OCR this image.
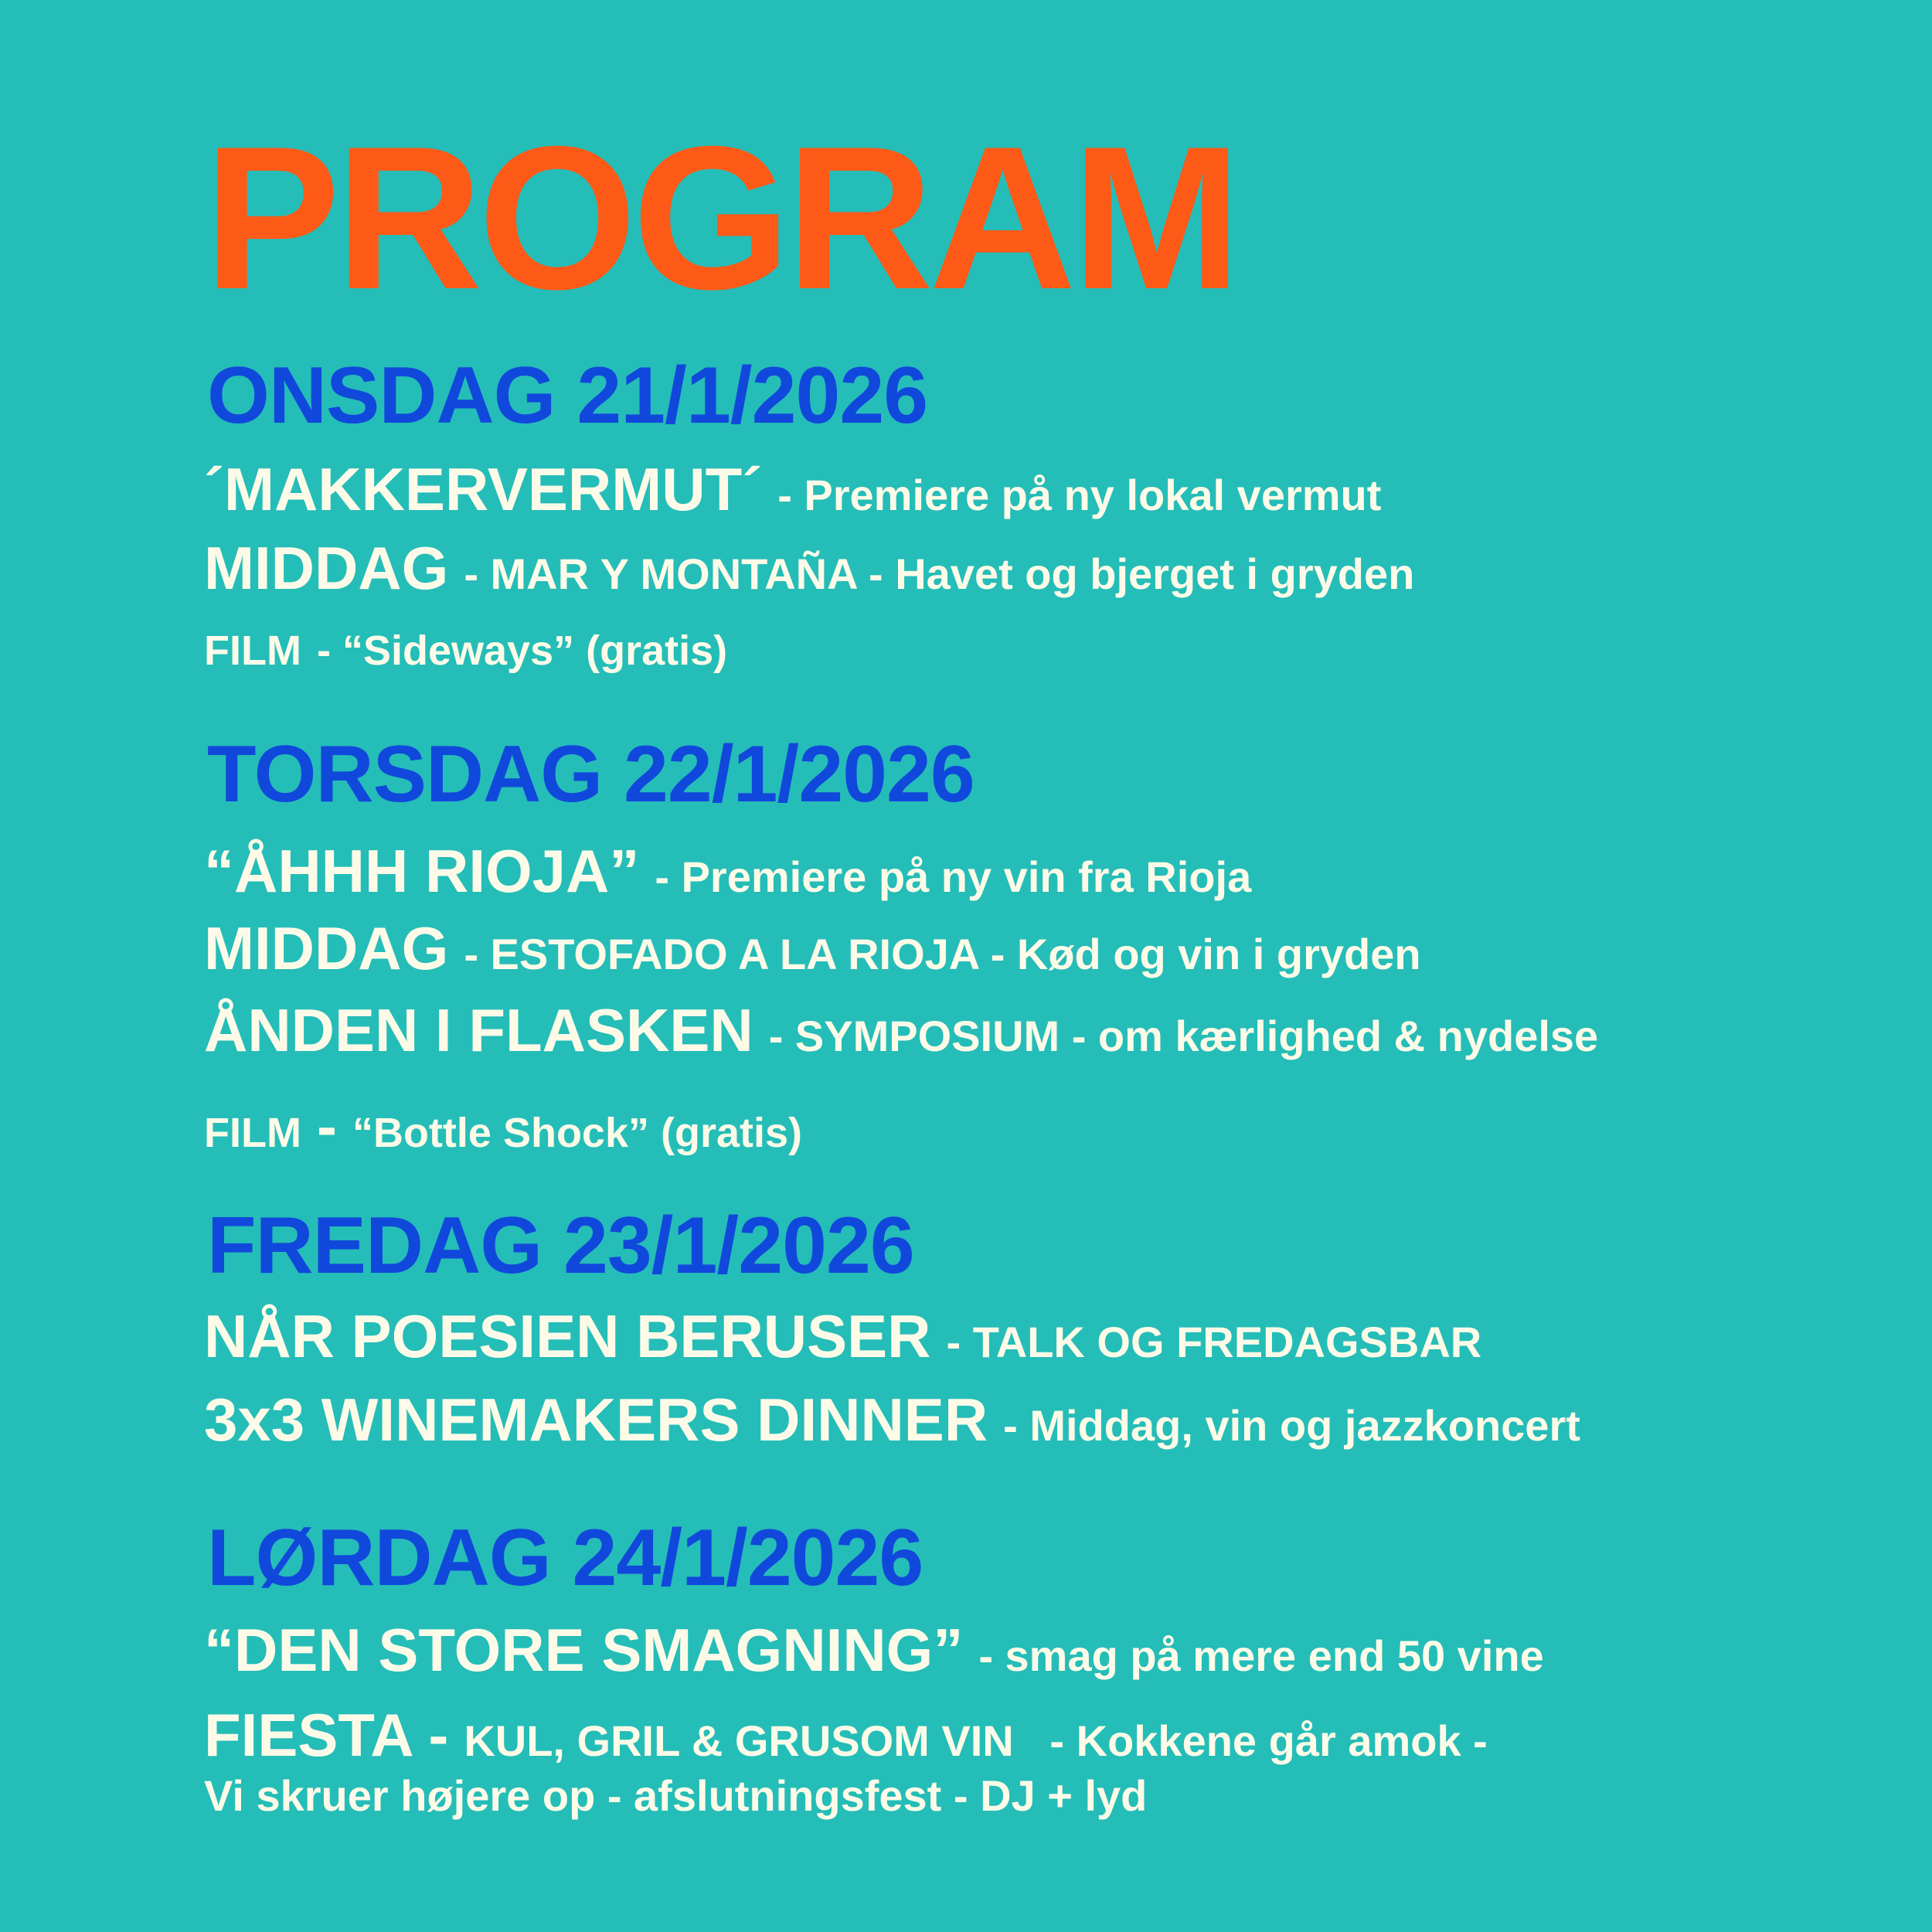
PROGRAM
ONSDAG 21/1/2026
´MAKKERVERMUT´ - Premiere på ny lokal vermut
MIDDAG - MAR Y MONTAÑA - Havet og bjerget i gryden
FILM - “Sideways” (gratis)
TORSDAG 22/1/2026
“ÅHHH RIOJA” - Premiere på ny vin fra Rioja
MIDDAG - ESTOFADO A LA RIOJA - Kød og vin i gryden
ÅNDEN I FLASKEN - SYMPOSIUM - om kærlighed & nydelse
FILM - “Bottle Shock” (gratis)
FREDAG 23/1/2026
NÅR POESIEN BERUSER - TALK OG FREDAGSBAR
3x3 WINEMAKERS DINNER - Middag, vin og jazzkoncert
LØRDAG 24/1/2026
“DEN STORE SMAGNING” - smag på mere end 50 vine
FIESTA - KUL, GRIL & GRUSOM VIN   - Kokkene går amok -
Vi skruer højere op - afslutningsfest - DJ + lyd
